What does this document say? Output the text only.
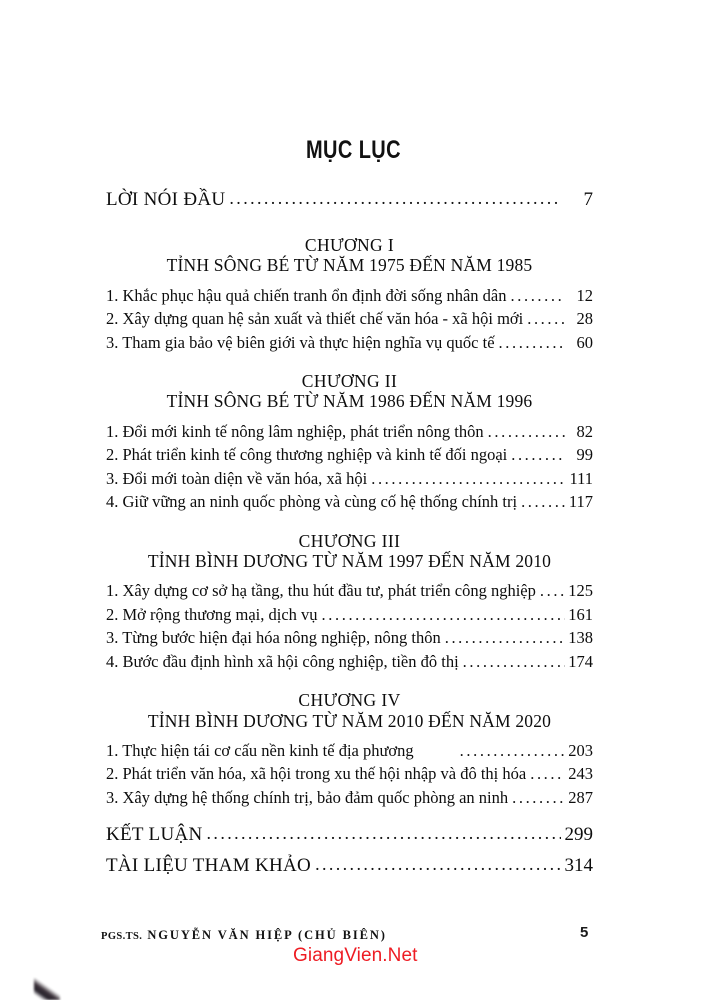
MỤC LỤC
LỜI NÓI ĐẦU .....	7
CHƯƠNG I
TỈNH SÔNG BÉ TỪ NĂM 1975 ĐẾN NĂM 1985
1. Khắc phục hậu quả chiến tranh ổn định đời sống nhân dân .....	12
2. Xây dựng quan hệ sản xuất và thiết chế văn hóa - xã hội mới .....	28
3. Tham gia bảo vệ biên giới và thực hiện nghĩa vụ quốc tế .....	60
CHƯƠNG II
TỈNH SÔNG BÉ TỪ NĂM 1986 ĐẾN NĂM 1996
1. Đổi mới kinh tế nông lâm nghiệp, phát triển nông thôn .....	82
2. Phát triển kinh tế công thương nghiệp và kinh tế đối ngoại .....	99
3. Đổi mới toàn diện về văn hóa, xã hội .....	111
4. Giữ vững an ninh quốc phòng và cùng cố hệ thống chính trị .....	117
CHƯƠNG III
TỈNH BÌNH DƯƠNG TỪ NĂM 1997 ĐẾN NĂM 2010
1. Xây dựng cơ sở hạ tầng, thu hút đầu tư, phát triển công nghiệp ..... 125
2. Mở rộng thương mại, dịch vụ .....	161
3. Từng bước hiện đại hóa nông nghiệp, nông thôn .....	138
4. Bước đầu định hình xã hội công nghiệp, tiền đô thị .....	174
CHƯƠNG IV
TỈNH BÌNH DƯƠNG TỪ NĂM 2010 ĐẾN NĂM 2020
1. Thực hiện tái cơ cấu nền kinh tế địa phương .....	203
2. Phát triển văn hóa, xã hội trong xu thế hội nhập và đô thị hóa .....	243
3. Xây dựng hệ thống chính trị, bảo đảm quốc phòng an ninh .....	287
KẾT LUẬN .....	299
TÀI LIỆU THAM KHẢO .....	314
PGS.TS. NGUYỄN VĂN HIỆP (CHỦ BIÊN)	5
GiangVien.Net
